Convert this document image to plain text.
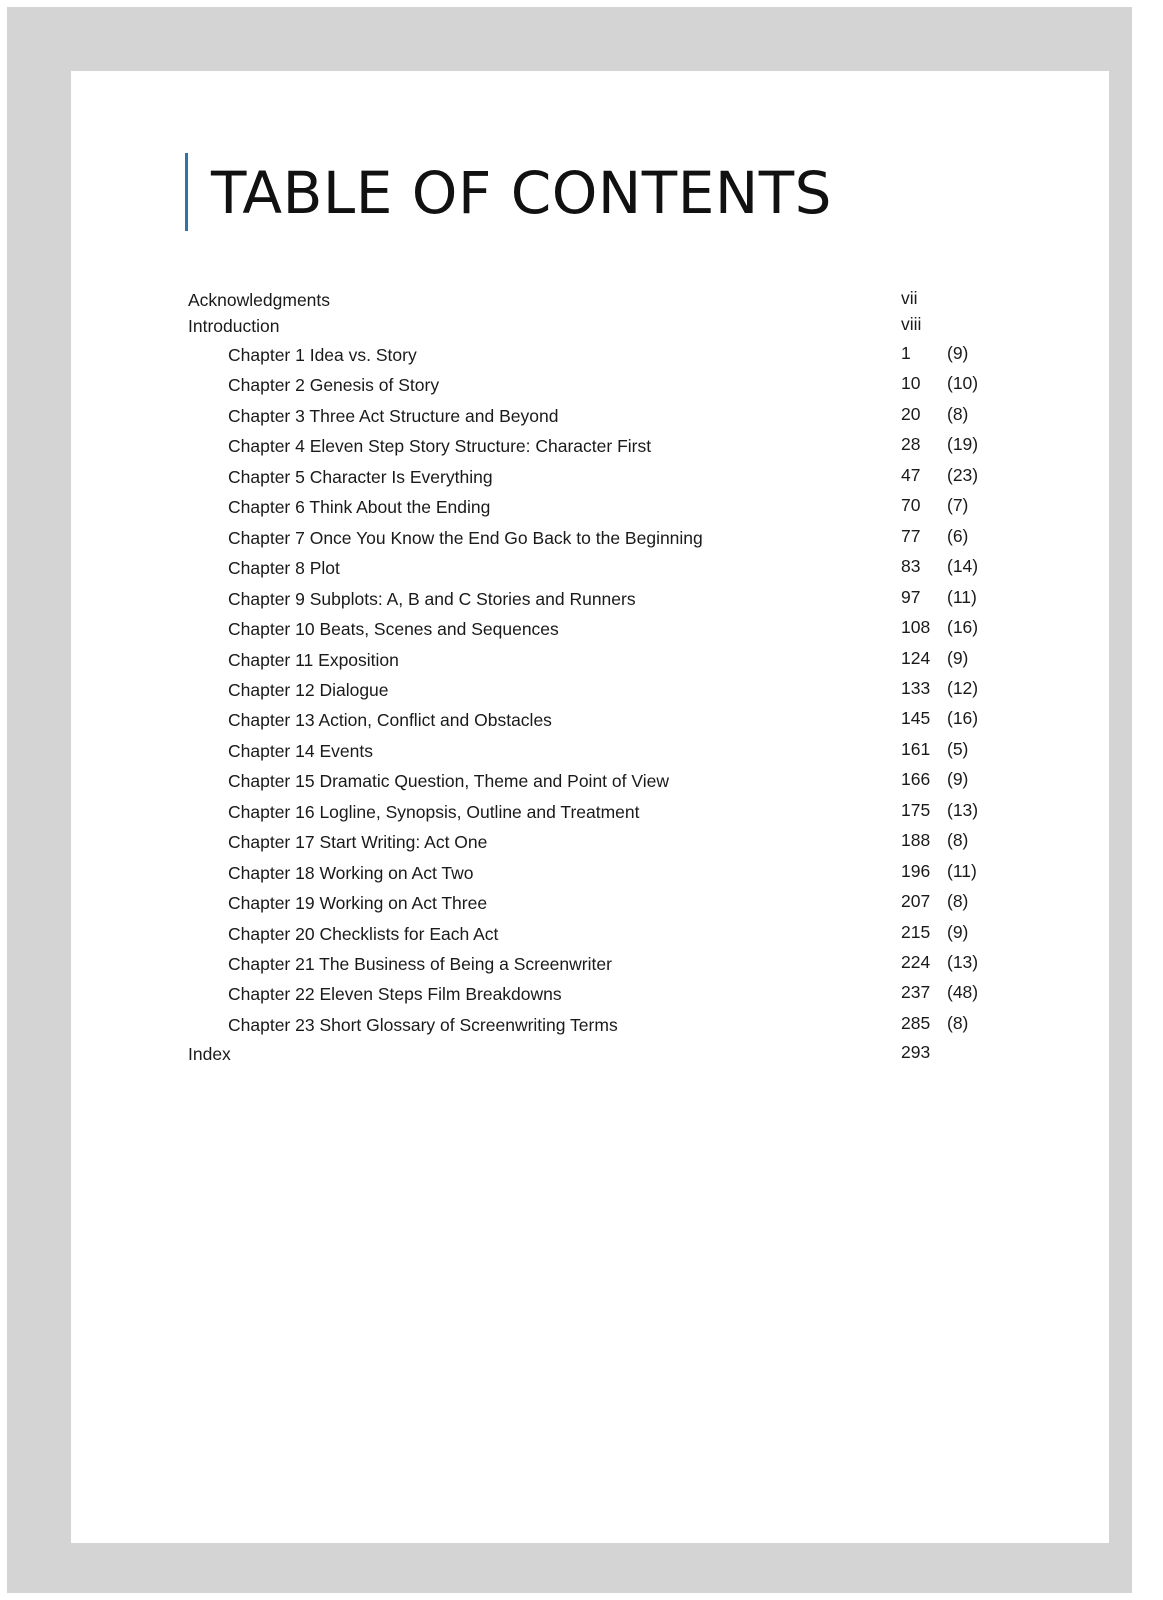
TABLE OF CONTENTS
Acknowledgments	vii
Introduction	viii
Chapter 1 Idea vs. Story	1 (9)
Chapter 2 Genesis of Story	10 (10)
Chapter 3 Three Act Structure and Beyond	20 (8)
Chapter 4 Eleven Step Story Structure: Character First	28 (19)
Chapter 5 Character Is Everything	47 (23)
Chapter 6 Think About the Ending	70 (7)
Chapter 7 Once You Know the End Go Back to the Beginning	77 (6)
Chapter 8 Plot	83 (14)
Chapter 9 Subplots: A, B and C Stories and Runners	97 (11)
Chapter 10 Beats, Scenes and Sequences	108 (16)
Chapter 11 Exposition	124 (9)
Chapter 12 Dialogue	133 (12)
Chapter 13 Action, Conflict and Obstacles	145 (16)
Chapter 14 Events	161 (5)
Chapter 15 Dramatic Question, Theme and Point of View	166 (9)
Chapter 16 Logline, Synopsis, Outline and Treatment	175 (13)
Chapter 17 Start Writing: Act One	188 (8)
Chapter 18 Working on Act Two	196 (11)
Chapter 19 Working on Act Three	207 (8)
Chapter 20 Checklists for Each Act	215 (9)
Chapter 21 The Business of Being a Screenwriter	224 (13)
Chapter 22 Eleven Steps Film Breakdowns	237 (48)
Chapter 23 Short Glossary of Screenwriting Terms	285 (8)
Index	293
